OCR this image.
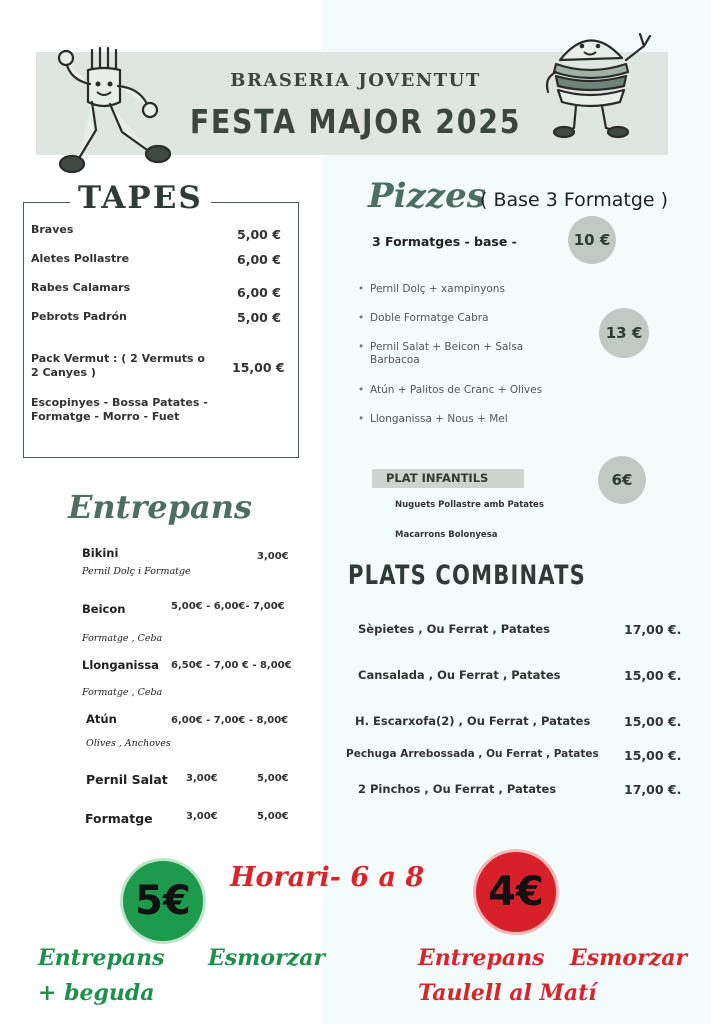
BRASERIA JOVENTUT
FESTA MAJOR 2025
TAPES
Braves	5,00 €
Aletes Pollastre	6,00 €
Rabes Calamars	6,00 €
Pebrots Padrón	5,00 €
Pack Vermut : ( 2 Vermuts o 2 Canyes )	15,00 €
Escopinyes - Bossa Patates - Formatge - Morro - Fuet
Entrepans
Bikini
Pernil Dolç i Formatge
3,00€
Beicon
Formatge , Ceba
5,00€ - 6,00€- 7,00€
Llonganissa
Formatge , Ceba
6,50€ - 7,00 € - 8,00€
Atún
Olives , Anchoves
6,00€ - 7,00€ - 8,00€
Pernil Salat 3,00€	5,00€
Formatge	3,00€	5,00€
Pizzes
( Base 3 Formatge )
3 Formatges - base -	10 €
13 €
• Pernil Dolç + xampinyons
• Doble Formatge Cabra
• Pernil Salat + Beicon + Salsa Barbacoa
• Atún + Palitos de Cranc + Olives
• Llonganissa + Nous + Mel
PLAT INFANTILS	6€
Nuguets Pollastre amb Patates
Macarrons Bolonyesa
PLATS COMBINATS
Sèpietes , Ou Ferrat , Patates	17,00 €.
Cansalada , Ou Ferrat , Patates	15,00 €.
H. Escarxofa(2) , Ou Ferrat , Patates	15,00 €.
Pechuga Arrebossada , Ou Ferrat , Patates 15,00 €.
2 Pinchos , Ou Ferrat , Patates	17,00 €.
5€
Horari- 6 a 8	4€
Entrepans Esmorzar
+ beguda
Entrepans Esmorzar
Taulell al Matí
